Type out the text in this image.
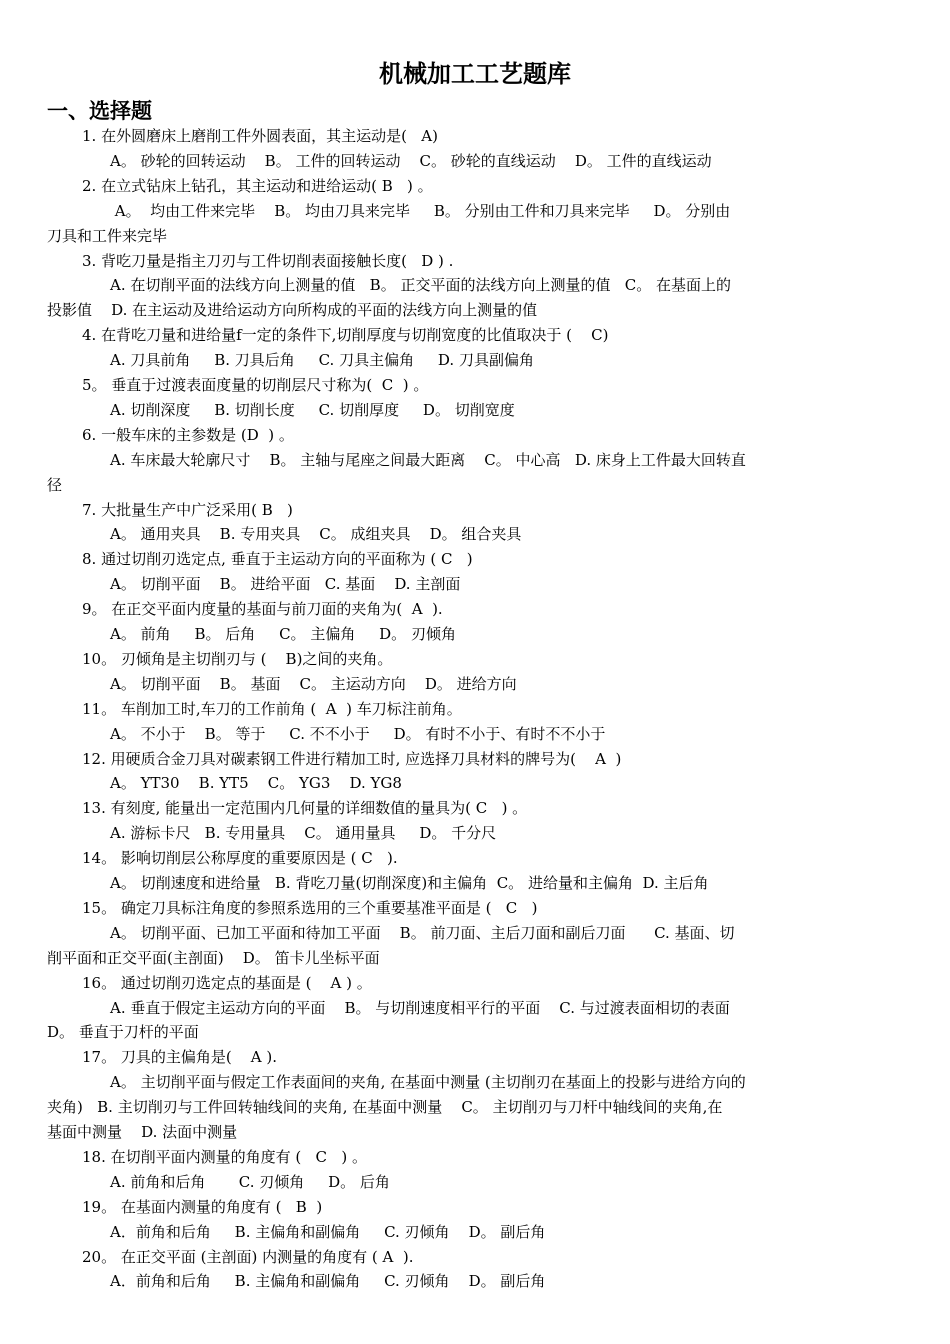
机械加工工艺题库
一、选择题
1. 在外圆磨床上磨削工件外圆表面，其主运动是(   A)
A。 砂轮的回转运动    B。 工件的回转运动    C。 砂轮的直线运动    D。 工件的直线运动
2. 在立式钻床上钻孔，其主运动和进给运动( B   ) 。
A。  均由工件来完毕    B。 均由刀具来完毕     B。 分别由工件和刀具来完毕     D。 分别由
刀具和工件来完毕
3. 背吃刀量是指主刀刃与工件切削表面接触长度(   D ) .
A. 在切削平面的法线方向上测量的值   B。 正交平面的法线方向上测量的值   C。 在基面上的
投影值    D. 在主运动及进给运动方向所构成的平面的法线方向上测量的值
4. 在背吃刀量和进给量f一定的条件下,切削厚度与切削宽度的比值取决于 (    C)
A. 刀具前角     B. 刀具后角     C. 刀具主偏角     D. 刀具副偏角
5。 垂直于过渡表面度量的切削层尺寸称为(  C  ) 。
A. 切削深度     B. 切削长度     C. 切削厚度     D。 切削宽度
6. 一般车床的主参数是 (D  ) 。
A. 车床最大轮廓尺寸    B。 主轴与尾座之间最大距离    C。 中心高   D. 床身上工件最大回转直
径
7. 大批量生产中广泛采用( B   )
A。 通用夹具    B. 专用夹具    C。 成组夹具    D。 组合夹具
8. 通过切削刃选定点, 垂直于主运动方向的平面称为 ( C   )
A。 切削平面    B。 进给平面   C. 基面    D. 主剖面
9。 在正交平面内度量的基面与前刀面的夹角为(  A  ).
A。 前角     B。 后角     C。 主偏角     D。 刃倾角
10。 刃倾角是主切削刃与 (    B)之间的夹角。
A。 切削平面    B。 基面    C。 主运动方向    D。 进给方向
11。 车削加工时,车刀的工作前角 (  A  ) 车刀标注前角。
A。 不小于    B。 等于     C. 不不小于     D。 有时不小于、有时不不小于
12. 用硬质合金刀具对碳素钢工件进行精加工时, 应选择刀具材料的牌号为(    A  )
A。 YT30    B. YT5    C。 YG3    D. YG8
13. 有刻度, 能量出一定范围内几何量的详细数值的量具为( C   ) 。
A. 游标卡尺   B. 专用量具    C。 通用量具     D。 千分尺
14。 影响切削层公称厚度的重要原因是 ( C   ).
A。 切削速度和进给量   B. 背吃刀量(切削深度)和主偏角  C。 进给量和主偏角  D. 主后角
15。 确定刀具标注角度的参照系选用的三个重要基准平面是 (   C   )
A。 切削平面、已加工平面和待加工平面    B。 前刀面、主后刀面和副后刀面      C. 基面、切
削平面和正交平面(主剖面)    D。 笛卡儿坐标平面
16。 通过切削刃选定点的基面是 (    A ) 。
A. 垂直于假定主运动方向的平面    B。 与切削速度相平行的平面    C. 与过渡表面相切的表面
D。 垂直于刀杆的平面
17。 刀具的主偏角是(    A ).
A。 主切削平面与假定工作表面间的夹角, 在基面中测量 (主切削刃在基面上的投影与进给方向的
夹角)   B. 主切削刃与工件回转轴线间的夹角, 在基面中测量    C。 主切削刃与刀杆中轴线间的夹角,在
基面中测量    D. 法面中测量
18. 在切削平面内测量的角度有 (   C   ) 。
A. 前角和后角       C. 刃倾角     D。 后角
19。 在基面内测量的角度有 (   B  )
A．前角和后角     B. 主偏角和副偏角     C. 刃倾角    D。 副后角
20。 在正交平面 (主剖面) 内测量的角度有 ( A  ).
A．前角和后角     B. 主偏角和副偏角     C. 刃倾角    D。 副后角
